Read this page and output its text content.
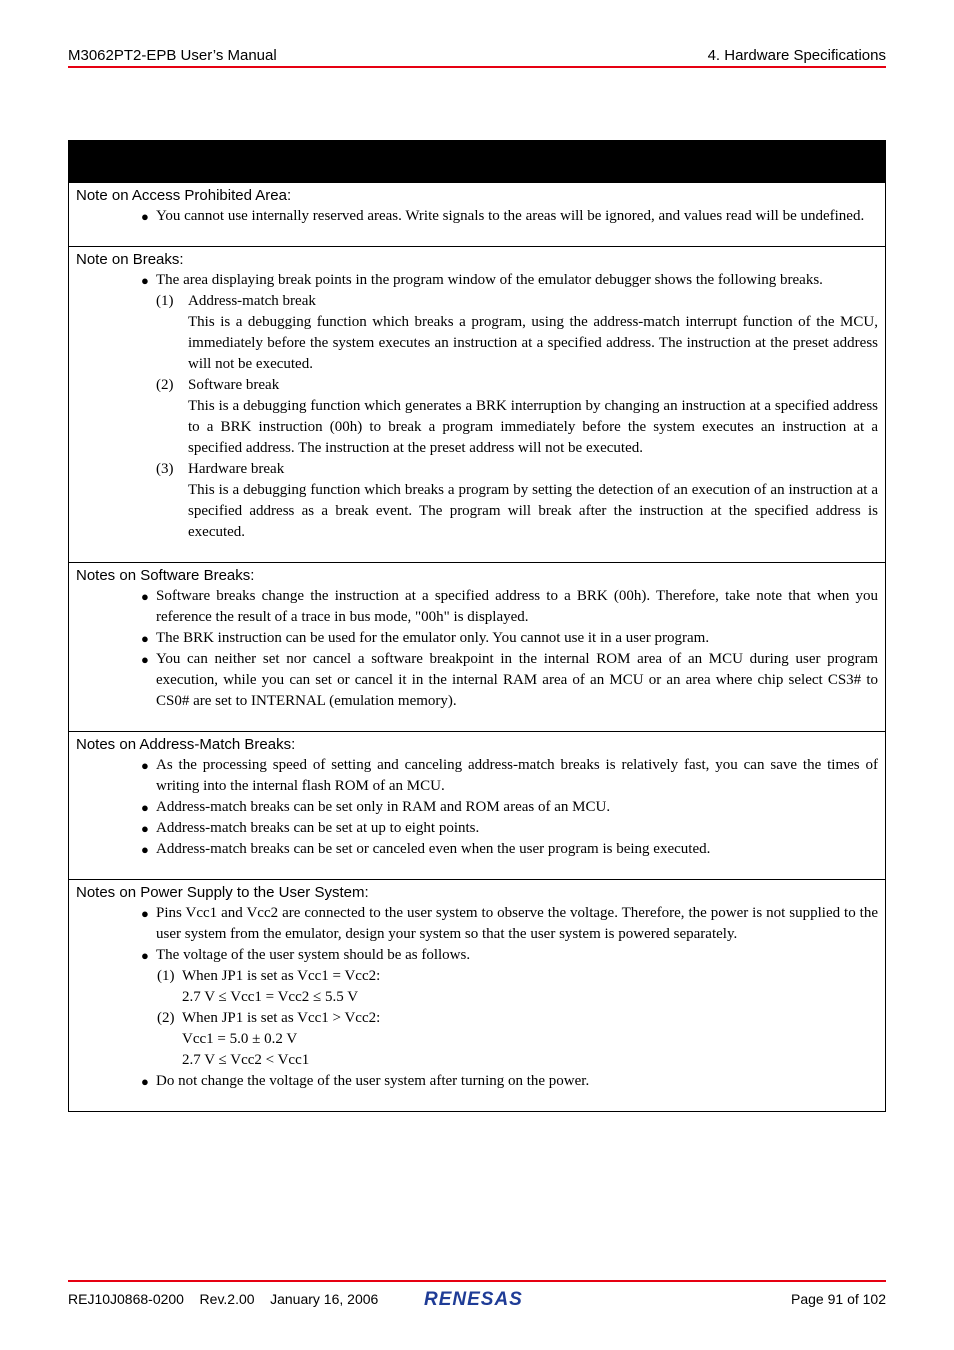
M3062PT2-EPB User’s Manual	4. Hardware Specifications
Note on Access Prohibited Area:
● You cannot use internally reserved areas. Write signals to the areas will be ignored, and values read will be undefined.
Note on Breaks:
● The area displaying break points in the program window of the emulator debugger shows the following breaks.
(1) Address-match break
This is a debugging function which breaks a program, using the address-match interrupt function of the MCU, immediately before the system executes an instruction at a specified address. The instruction at the preset address will not be executed.
(2) Software break
This is a debugging function which generates a BRK interruption by changing an instruction at a specified address to a BRK instruction (00h) to break a program immediately before the system executes an instruction at a specified address. The instruction at the preset address will not be executed.
(3) Hardware break
This is a debugging function which breaks a program by setting the detection of an execution of an instruction at a specified address as a break event. The program will break after the instruction at the specified address is executed.
Notes on Software Breaks:
● Software breaks change the instruction at a specified address to a BRK (00h). Therefore, take note that when you reference the result of a trace in bus mode, "00h" is displayed.
● The BRK instruction can be used for the emulator only. You cannot use it in a user program.
● You can neither set nor cancel a software breakpoint in the internal ROM area of an MCU during user program execution, while you can set or cancel it in the internal RAM area of an MCU or an area where chip select CS3# to CS0# are set to INTERNAL (emulation memory).
Notes on Address-Match Breaks:
● As the processing speed of setting and canceling address-match breaks is relatively fast, you can save the times of writing into the internal flash ROM of an MCU.
● Address-match breaks can be set only in RAM and ROM areas of an MCU.
● Address-match breaks can be set at up to eight points.
● Address-match breaks can be set or canceled even when the user program is being executed.
Notes on Power Supply to the User System:
● Pins Vcc1 and Vcc2 are connected to the user system to observe the voltage. Therefore, the power is not supplied to the user system from the emulator, design your system so that the user system is powered separately.
● The voltage of the user system should be as follows.
(1) When JP1 is set as Vcc1 = Vcc2:
2.7 V ≤ Vcc1 = Vcc2 ≤ 5.5 V
(2) When JP1 is set as Vcc1 > Vcc2:
Vcc1 = 5.0 ± 0.2 V
2.7 V ≤ Vcc2 < Vcc1
● Do not change the voltage of the user system after turning on the power.
REJ10J0868-0200 Rev.2.00 January 16, 2006 RENESAS	Page 91 of 102
